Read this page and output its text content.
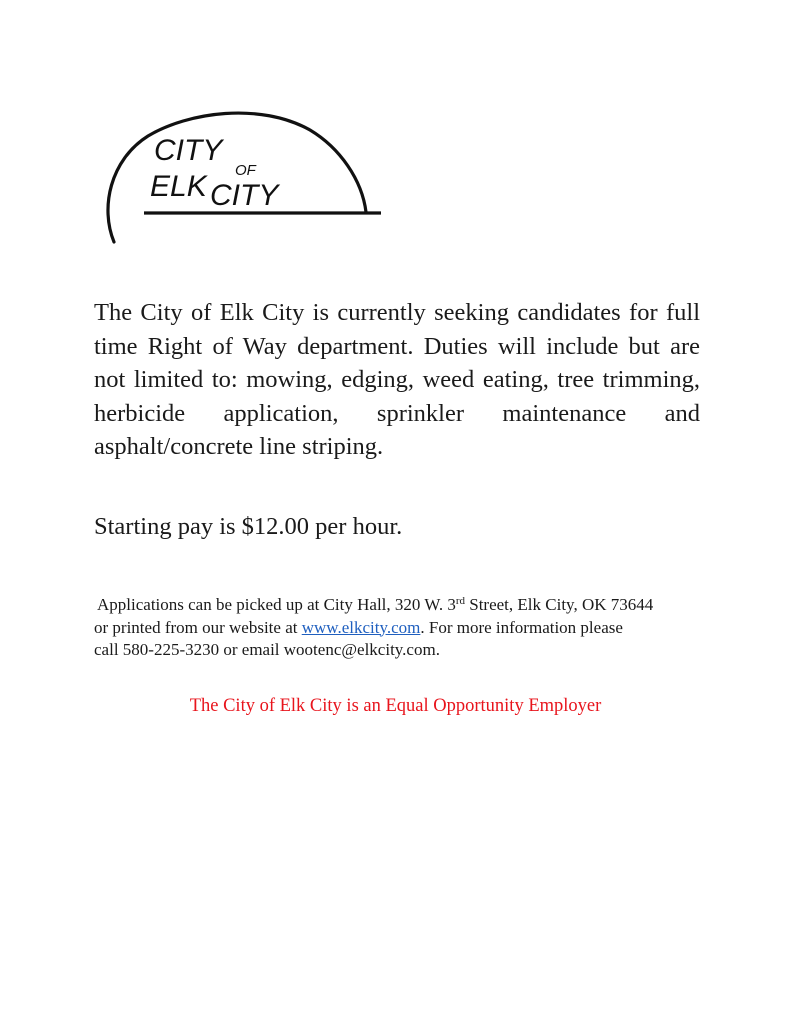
CITY
OF
ELK CITY

The City of Elk City is currently seeking candidates for full time Right of Way department. Duties will include but are not limited to: mowing, edging, weed eating, tree trimming, herbicide application, sprinkler maintenance and asphalt/concrete line striping.

Starting pay is $12.00 per hour.

Applications can be picked up at City Hall, 320 W. 3rd Street, Elk City, OK 73644
or printed from our website at www.elkcity.com. For more information please
call 580-225-3230 or email wootenc@elkcity.com.

The City of Elk City is an Equal Opportunity Employer
